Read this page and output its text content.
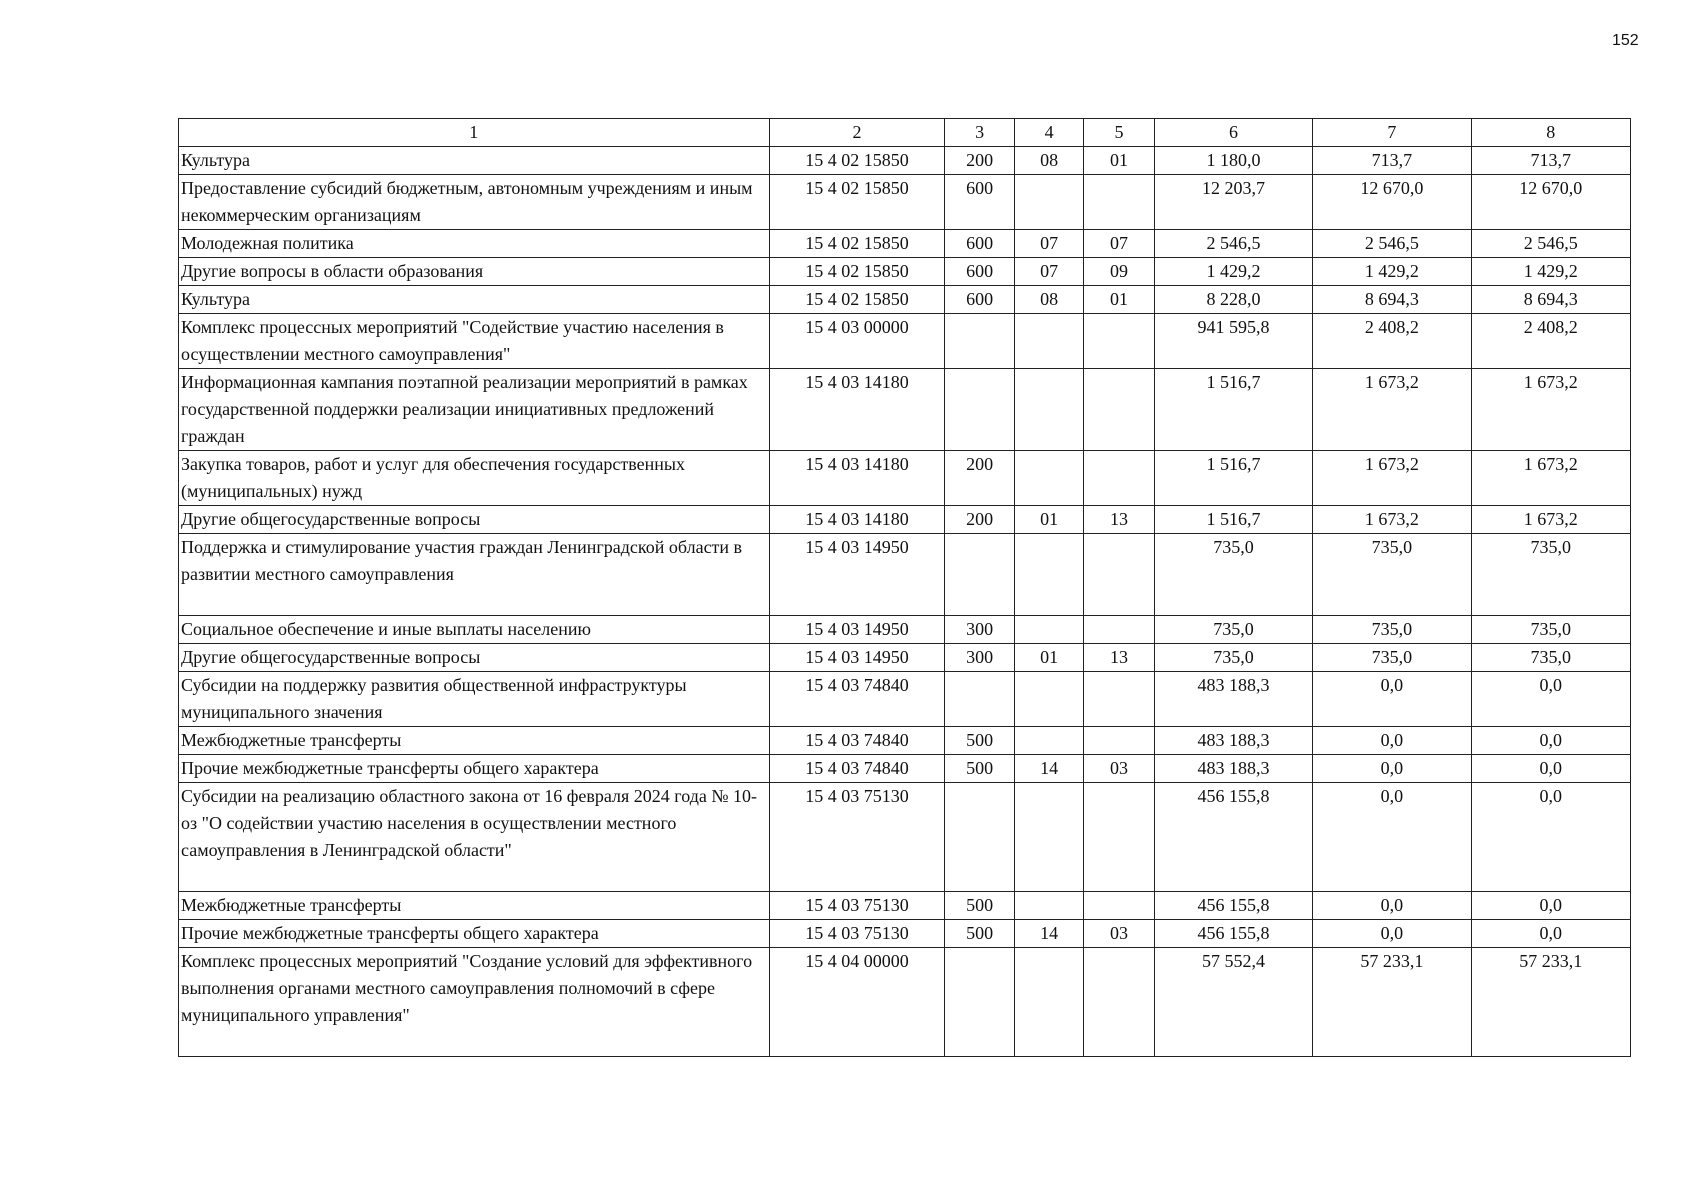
152
1	2	3	4	5	6	7	8
Культура	15 4 02 15850	200	08	01	1 180,0	713,7	713,7
Предоставление субсидий бюджетным, автономным учреждениям и иным некоммерческим организациям	15 4 02 15850	600			12 203,7	12 670,0	12 670,0
Молодежная политика	15 4 02 15850	600	07	07	2 546,5	2 546,5	2 546,5
Другие вопросы в области образования	15 4 02 15850	600	07	09	1 429,2	1 429,2	1 429,2
Культура	15 4 02 15850	600	08	01	8 228,0	8 694,3	8 694,3
Комплекс процессных мероприятий "Содействие участию населения в осуществлении местного самоуправления"	15 4 03 00000				941 595,8	2 408,2	2 408,2
Информационная кампания поэтапной реализации мероприятий в рамках государственной поддержки реализации инициативных предложений граждан	15 4 03 14180				1 516,7	1 673,2	1 673,2
Закупка товаров, работ и услуг для обеспечения государственных (муниципальных) нужд	15 4 03 14180	200			1 516,7	1 673,2	1 673,2
Другие общегосударственные вопросы	15 4 03 14180	200	01	13	1 516,7	1 673,2	1 673,2
Поддержка и стимулирование участия граждан Ленинградской области в развитии местного самоуправления	15 4 03 14950				735,0	735,0	735,0
Социальное обеспечение и иные выплаты населению	15 4 03 14950	300			735,0	735,0	735,0
Другие общегосударственные вопросы	15 4 03 14950	300	01	13	735,0	735,0	735,0
Субсидии на поддержку развития общественной инфраструктуры муниципального значения	15 4 03 74840				483 188,3	0,0	0,0
Межбюджетные трансферты	15 4 03 74840	500			483 188,3	0,0	0,0
Прочие межбюджетные трансферты общего характера	15 4 03 74840	500	14	03	483 188,3	0,0	0,0
Субсидии на реализацию областного закона от 16 февраля 2024 года № 10-оз "О содействии участию населения в осуществлении местного самоуправления в Ленинградской области"	15 4 03 75130				456 155,8	0,0	0,0
Межбюджетные трансферты	15 4 03 75130	500			456 155,8	0,0	0,0
Прочие межбюджетные трансферты общего характера	15 4 03 75130	500	14	03	456 155,8	0,0	0,0
Комплекс процессных мероприятий "Создание условий для эффективного выполнения органами местного самоуправления полномочий в сфере муниципального управления"	15 4 04 00000				57 552,4	57 233,1	57 233,1
